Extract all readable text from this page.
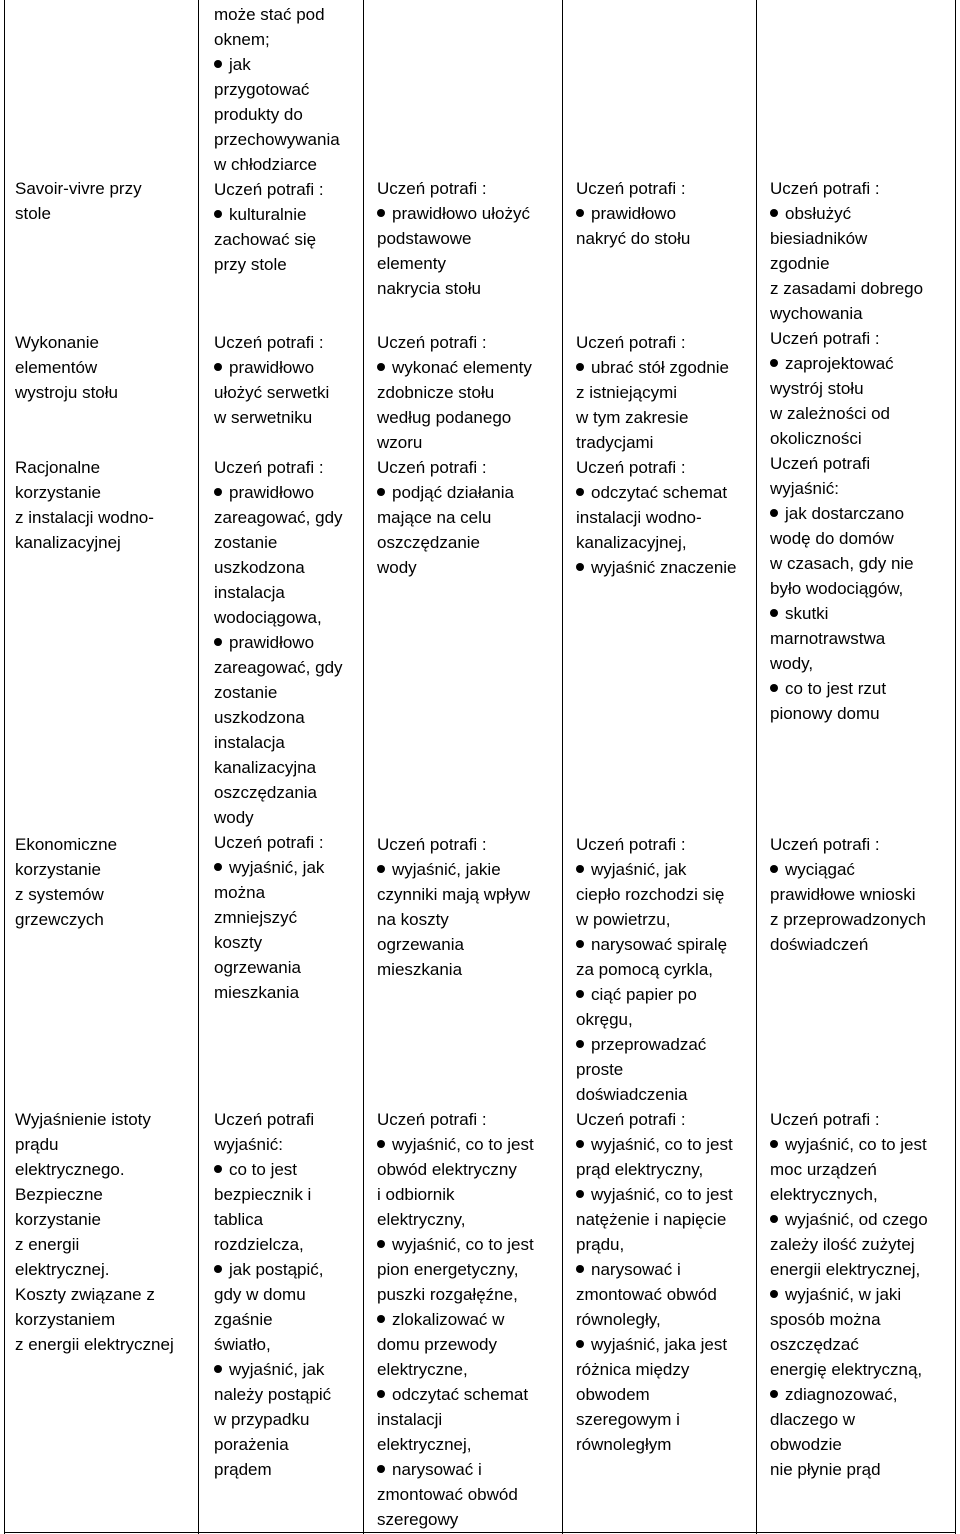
Savoir-vivre przy
stole
Wykonanie
elementów
wystroju stołu
Racjonalne
korzystanie
z instalacji wodno-
kanalizacyjnej
Ekonomiczne
korzystanie
z systemów
grzewczych
Wyjaśnienie istoty
prądu
elektrycznego.
Bezpieczne
korzystanie
z energii
elektrycznej.
Koszty związane z
korzystaniem
z energii elektrycznej
może stać pod
oknem;
jak
przygotować
produkty do
przechowywania
w chłodziarce
Uczeń potrafi :
kulturalnie
zachować się
przy stole
Uczeń potrafi :
prawidłowo
ułożyć serwetki
w serwetniku
Uczeń potrafi :
prawidłowo
zareagować, gdy
zostanie
uszkodzona
instalacja
wodociągowa,
prawidłowo
zareagować, gdy
zostanie
uszkodzona
instalacja
kanalizacyjna
oszczędzania
wody
Uczeń potrafi :
wyjaśnić, jak
można
zmniejszyć
koszty
ogrzewania
mieszkania
Uczeń potrafi
wyjaśnić:
co to jest
bezpiecznik i
tablica
rozdzielcza,
jak postąpić,
gdy w domu
zgaśnie
światło,
wyjaśnić, jak
należy postąpić
w przypadku
porażenia
prądem
Uczeń potrafi :
prawidłowo ułożyć
podstawowe
elementy
nakrycia stołu
Uczeń potrafi :
wykonać elementy
zdobnicze stołu
według podanego
wzoru
Uczeń potrafi :
podjąć działania
mające na celu
oszczędzanie
wody
Uczeń potrafi :
wyjaśnić, jakie
czynniki mają wpływ
na koszty
ogrzewania
mieszkania
Uczeń potrafi :
wyjaśnić, co to jest
obwód elektryczny
i odbiornik
elektryczny,
wyjaśnić, co to jest
pion energetyczny,
puszki rozgałęźne,
zlokalizować w
domu przewody
elektryczne,
odczytać schemat
instalacji
elektrycznej,
narysować i
zmontować obwód
szeregowy
Uczeń potrafi :
prawidłowo
nakryć do stołu
Uczeń potrafi :
ubrać stół zgodnie
z istniejącymi
w tym zakresie
tradycjami
Uczeń potrafi :
odczytać schemat
instalacji wodno-
kanalizacyjnej,
wyjaśnić znaczenie
Uczeń potrafi :
wyjaśnić, jak
ciepło rozchodzi się
w powietrzu,
narysować spiralę
za pomocą cyrkla,
ciąć papier po
okręgu,
przeprowadzać
proste
doświadczenia
Uczeń potrafi :
wyjaśnić, co to jest
prąd elektryczny,
wyjaśnić, co to jest
natężenie i napięcie
prądu,
narysować i
zmontować obwód
równoległy,
wyjaśnić, jaka jest
różnica między
obwodem
szeregowym i
równoległym
Uczeń potrafi :
obsłużyć
biesiadników
zgodnie
z zasadami dobrego
wychowania
Uczeń potrafi :
zaprojektować
wystrój stołu
w zależności od
okoliczności
Uczeń potrafi
wyjaśnić:
jak dostarczano
wodę do domów
w czasach, gdy nie
było wodociągów,
skutki
marnotrawstwa
wody,
co to jest rzut
pionowy domu
Uczeń potrafi :
wyciągać
prawidłowe wnioski
z przeprowadzonych
doświadczeń
Uczeń potrafi :
wyjaśnić, co to jest
moc urządzeń
elektrycznych,
wyjaśnić, od czego
zależy ilość zużytej
energii elektrycznej,
wyjaśnić, w jaki
sposób można
oszczędzać
energię elektryczną,
zdiagnozować,
dlaczego w
obwodzie
nie płynie prąd
